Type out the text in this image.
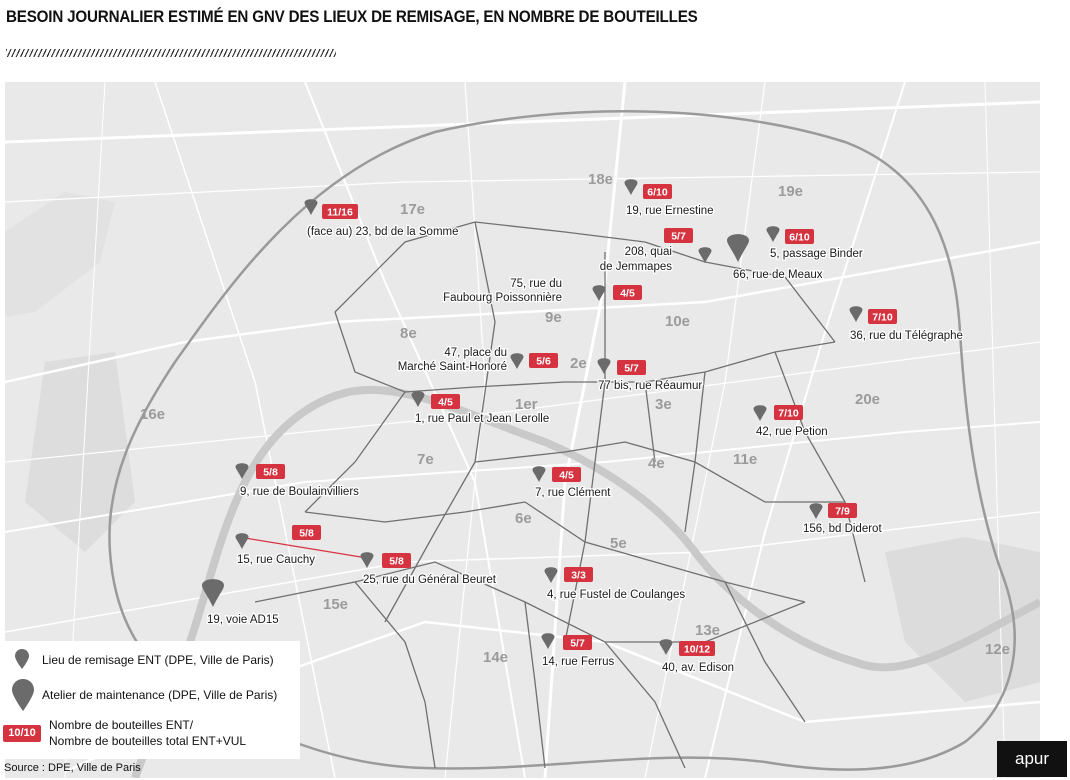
BESOIN JOURNALIER ESTIMÉ EN GNV DES LIEUX DE REMISAGE, EN NOMBRE DE BOUTEILLES
17e
18e
19e
8e
9e	10e
2e
1er	3e
16e
20e
7e	4e	11e
6e
5e
15e
14e
13e
12e
11/16
(face au) 23, bd de la Somme
6/10
19, rue Ernestine
5/7
208, quai
de Jemmapes
66, rue de Meaux
6/10
5, passage Binder
4/5
75, rue du
Faubourg Poissonnière
7/10
36, rue du Télégraphe
5/6
47, place du
Marché Saint-Honoré	5/7
77 bis, rue Réaumur
4/5
1, rue Paul et Jean Lerolle	7/10
42, rue Petion
5/8
9, rue de Boulainvilliers
4/5
7, rue Clément
7/9
156, bd Diderot
5/8
15, rue Cauchy	5/8
25, rue du Général Beuret	3/3
4, rue Fustel de Coulanges
19, voie AD15
5/7
14, rue Ferrus
10/12
40, av. Edison
Lieu de remisage ENT (DPE, Ville de Paris)
Atelier de maintenance (DPE, Ville de Paris)
Nombre de bouteilles ENT/
Nombre de bouteilles total ENT+VUL
10/10
Source : DPE, Ville de Paris	apur
